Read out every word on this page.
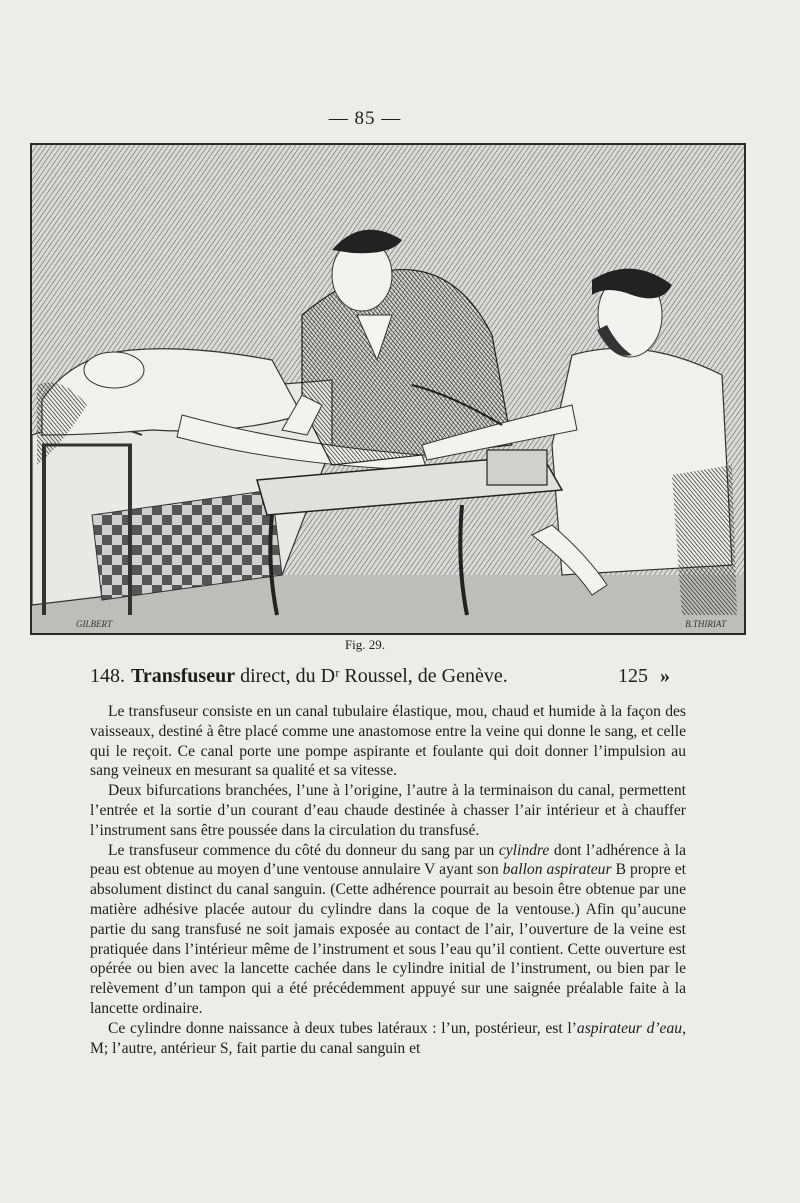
— 85 —
GILBERT	B.THIRIAT
Fig. 29.
148. Transfuseur direct, du Dʳ Roussel, de Genève.	125 »

Le transfuseur consiste en un canal tubulaire élastique, mou, chaud et humide à la façon des vaisseaux, destiné à être placé comme une anastomose entre la veine qui donne le sang, et celle qui le reçoit. Ce canal porte une pompe aspirante et foulante qui doit donner l’impulsion au sang veineux en mesurant sa qualité et sa vitesse.

Deux bifurcations branchées, l’une à l’origine, l’autre à la terminaison du canal, permettent l’entrée et la sortie d’un courant d’eau chaude destinée à chasser l’air intérieur et à chauffer l’instrument sans être poussée dans la circulation du transfusé.

Le transfuseur commence du côté du donneur du sang par un cylindre dont l’adhérence à la peau est obtenue au moyen d’une ventouse annulaire V ayant son ballon aspirateur B propre et absolument distinct du canal sanguin. (Cette adhérence pourrait au besoin être obtenue par une matière adhésive placée autour du cylindre dans la coque de la ventouse.) Afin qu’aucune partie du sang transfusé ne soit jamais exposée au contact de l’air, l’ouverture de la veine est pratiquée dans l’intérieur même de l’instrument et sous l’eau qu’il contient. Cette ouverture est opérée ou bien avec la lancette cachée dans le cylindre initial de l’instrument, ou bien par le relèvement d’un tampon qui a été précédemment appuyé sur une saignée préalable faite à la lancette ordinaire.

Ce cylindre donne naissance à deux tubes latéraux : l’un, postérieur, est l’aspirateur d’eau, M; l’autre, antérieur S, fait partie du canal sanguin et
